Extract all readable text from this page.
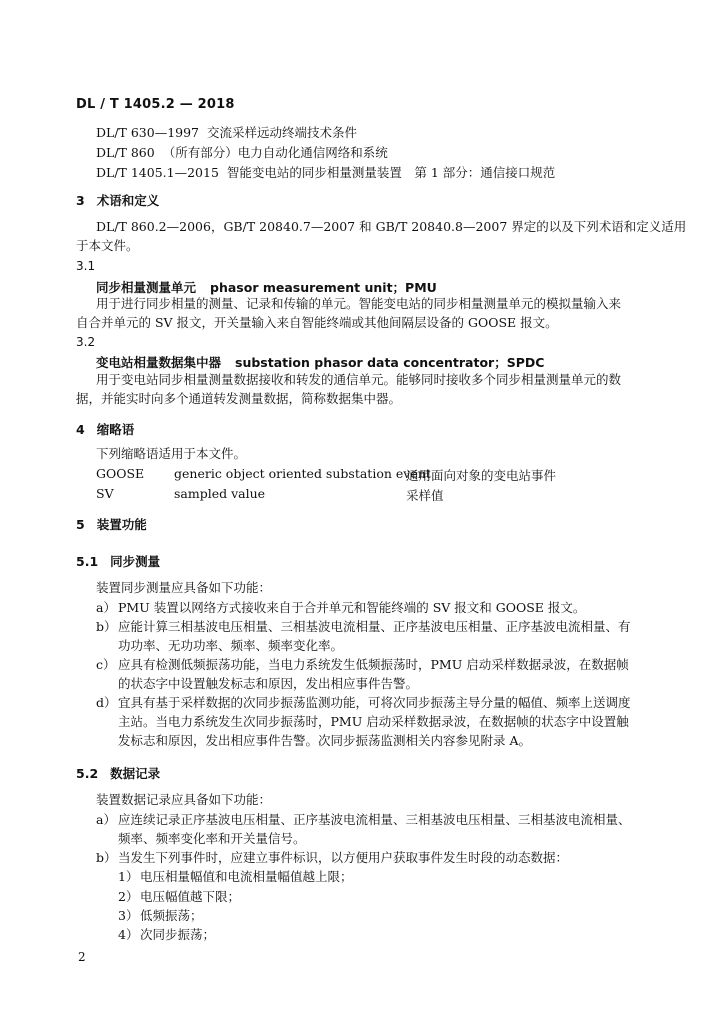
DL / T 1405.2 — 2018
DL/T 630—1997 交流采样远动终端技术条件
DL/T 860 （所有部分）电力自动化通信网络和系统
DL/T 1405.1—2015 智能变电站的同步相量测量装置　第 1 部分：通信接口规范
3 术语和定义
DL/T 860.2—2006，GB/T 20840.7—2007 和 GB/T 20840.8—2007 界定的以及下列术语和定义适用
于本文件。
3.1
同步相量测量单元 phasor measurement unit；PMU
用于进行同步相量的测量、记录和传输的单元。智能变电站的同步相量测量单元的模拟量输入来
自合并单元的 SV 报文，开关量输入来自智能终端或其他间隔层设备的 GOOSE 报文。
3.2
变电站相量数据集中器 substation phasor data concentrator；SPDC
用于变电站同步相量测量数据接收和转发的通信单元。能够同时接收多个同步相量测量单元的数
据，并能实时向多个通道转发测量数据，简称数据集中器。
4 缩略语
下列缩略语适用于本文件。
GOOSE generic object oriented substation event
通用面向对象的变电站事件
SV	sampled value	采样值
5 装置功能
5.1 同步测量
装置同步测量应具备如下功能：
a） PMU 装置以网络方式接收来自于合并单元和智能终端的 SV 报文和 GOOSE 报文。
b）应能计算三相基波电压相量、三相基波电流相量、正序基波电压相量、正序基波电流相量、有
功功率、无功功率、频率、频率变化率。
c） 应具有检测低频振荡功能，当电力系统发生低频振荡时，PMU 启动采样数据录波，在数据帧
的状态字中设置触发标志和原因，发出相应事件告警。
d）宜具有基于采样数据的次同步振荡监测功能，可将次同步振荡主导分量的幅值、频率上送调度
主站。当电力系统发生次同步振荡时，PMU 启动采样数据录波，在数据帧的状态字中设置触
发标志和原因，发出相应事件告警。次同步振荡监测相关内容参见附录 A。
5.2 数据记录
装置数据记录应具备如下功能：
a） 应连续记录正序基波电压相量、正序基波电流相量、三相基波电压相量、三相基波电流相量、
频率、频率变化率和开关量信号。
b）当发生下列事件时，应建立事件标识，以方便用户获取事件发生时段的动态数据：
1） 电压相量幅值和电流相量幅值越上限；
2） 电压幅值越下限；
3） 低频振荡；
4） 次同步振荡；
2
